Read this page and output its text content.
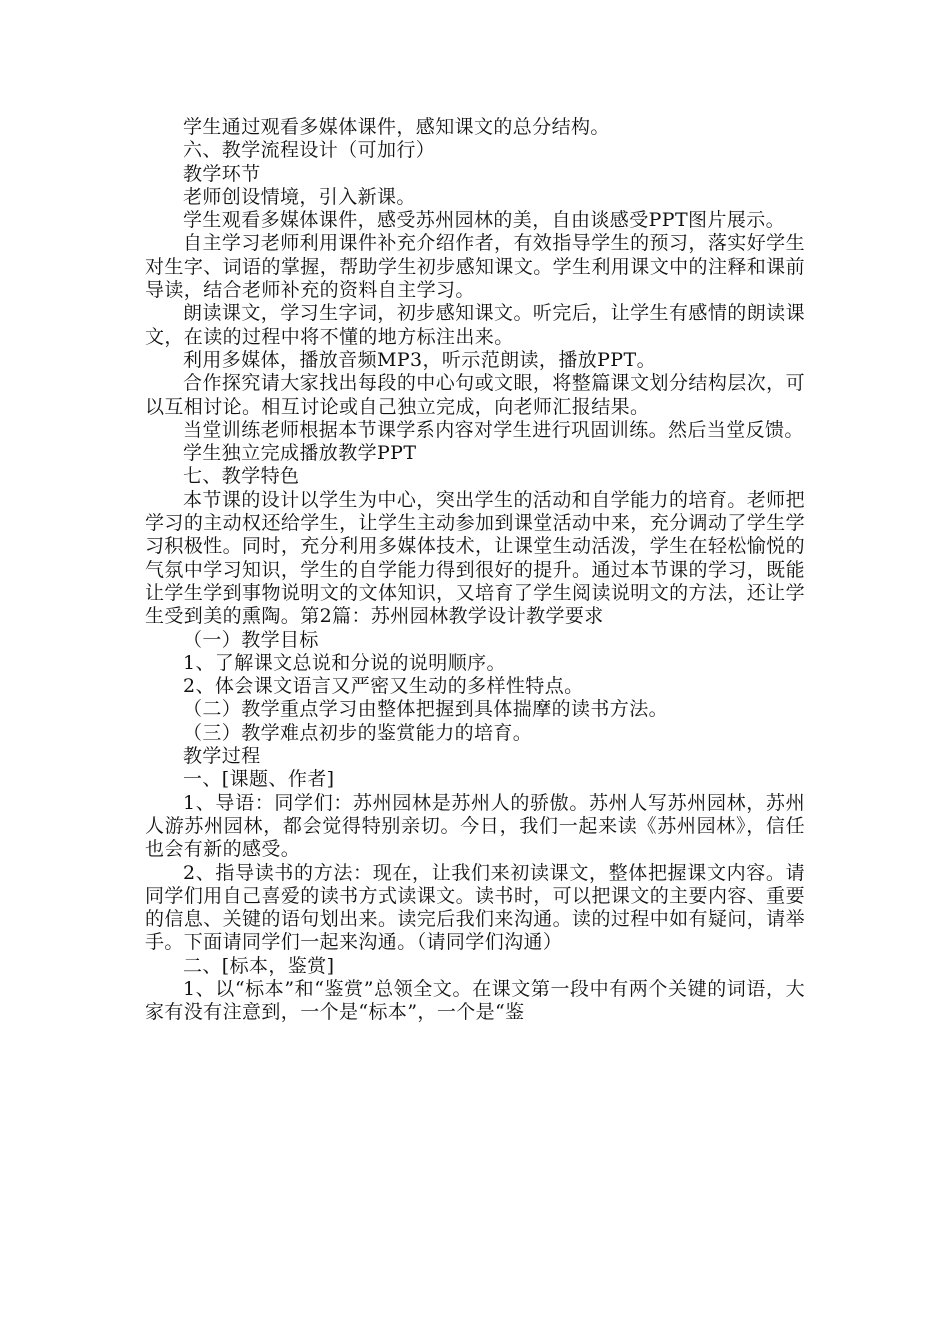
学生通过观看多媒体课件，感知课文的总分结构。

六、教学流程设计（可加行）

教学环节

老师创设情境，引入新课。

学生观看多媒体课件，感受苏州园林的美，自由谈感受PPT图片展示。

自主学习老师利用课件补充介绍作者，有效指导学生的预习，落实好学生对生字、词语的掌握，帮助学生初步感知课文。学生利用课文中的注释和课前导读，结合老师补充的资料自主学习。

朗读课文，学习生字词，初步感知课文。听完后，让学生有感情的朗读课文，在读的过程中将不懂的地方标注出来。

利用多媒体，播放音频MP3，听示范朗读，播放PPT。

合作探究请大家找出每段的中心句或文眼，将整篇课文划分结构层次，可以互相讨论。相互讨论或自己独立完成，向老师汇报结果。

当堂训练老师根据本节课学系内容对学生进行巩固训练。然后当堂反馈。

学生独立完成播放教学PPT

七、教学特色

本节课的设计以学生为中心，突出学生的活动和自学能力的培育。老师把学习的主动权还给学生，让学生主动参加到课堂活动中来，充分调动了学生学习积极性。同时，充分利用多媒体技术，让课堂生动活泼，学生在轻松愉悦的气氛中学习知识，学生的自学能力得到很好的提升。通过本节课的学习，既能让学生学到事物说明文的文体知识，又培育了学生阅读说明文的方法，还让学生受到美的熏陶。第2篇：苏州园林教学设计教学要求

（一）教学目标

1、了解课文总说和分说的说明顺序。

2、体会课文语言又严密又生动的多样性特点。

（二）教学重点学习由整体把握到具体揣摩的读书方法。

（三）教学难点初步的鉴赏能力的培育。

教学过程

一、[课题、作者]

1、导语：同学们：苏州园林是苏州人的骄傲。苏州人写苏州园林，苏州人游苏州园林，都会觉得特别亲切。今日，我们一起来读《苏州园林》，信任也会有新的感受。

2、指导读书的方法：现在，让我们来初读课文，整体把握课文内容。请同学们用自己喜爱的读书方式读课文。读书时，可以把课文的主要内容、重要的信息、关键的语句划出来。读完后我们来沟通。读的过程中如有疑问，请举手。下面请同学们一起来沟通。（请同学们沟通）

二、[标本，鉴赏]

1、以“标本”和“鉴赏”总领全文。在课文第一段中有两个关键的词语，大家有没有注意到，一个是“标本”，一个是“鉴
